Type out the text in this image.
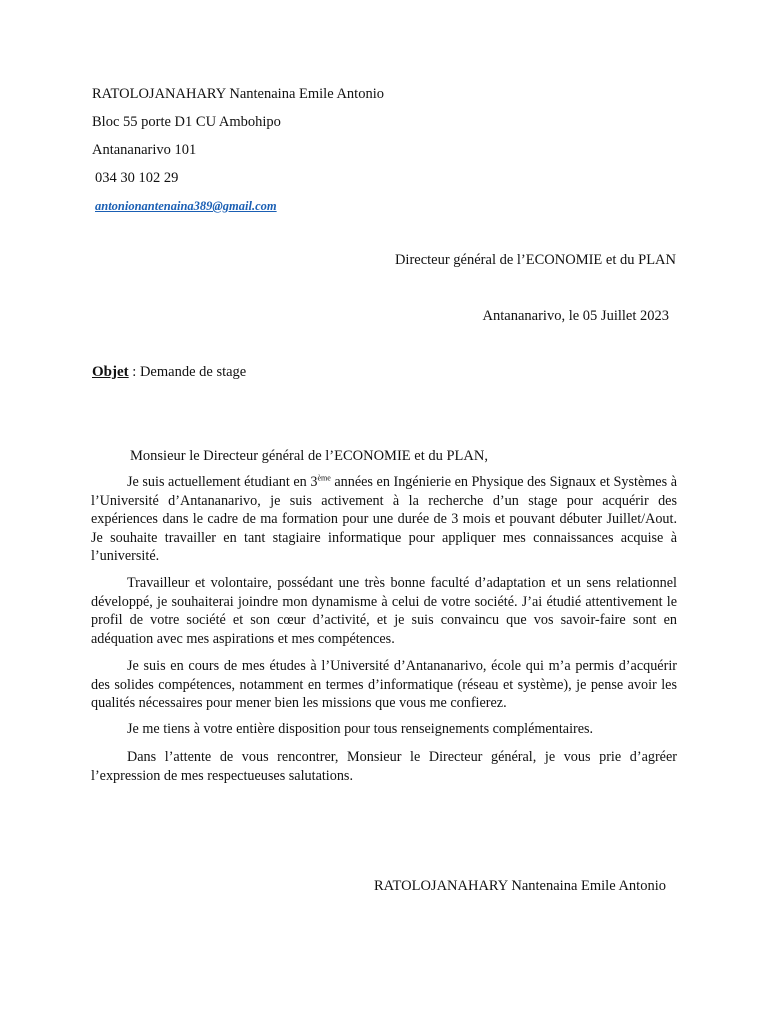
RATOLOJANAHARY Nantenaina Emile Antonio
Bloc 55 porte D1 CU Ambohipo
Antananarivo 101
034 30 102 29
antonionantenaina389@gmail.com
Directeur général de l’ECONOMIE et du PLAN
Antananarivo, le 05 Juillet 2023
Objet : Demande de stage
Monsieur le Directeur général de l’ECONOMIE et du PLAN,

Je suis actuellement étudiant en 3ème années en Ingénierie en Physique des Signaux et Systèmes à l’Université d’Antananarivo, je suis activement à la recherche d’un stage pour acquérir des expériences dans le cadre de ma formation pour une durée de 3 mois et pouvant débuter Juillet/Aout. Je souhaite travailler en tant stagiaire informatique pour appliquer mes connaissances acquise à l’université.

Travailleur et volontaire, possédant une très bonne faculté d’adaptation et un sens relationnel développé, je souhaiterai joindre mon dynamisme à celui de votre société. J’ai étudié attentivement le profil de votre société et son cœur d’activité, et je suis convaincu que vos savoir-faire sont en adéquation avec mes aspirations et mes compétences.

Je suis en cours de mes études à l’Université d’Antananarivo, école qui m’a permis d’acquérir des solides compétences, notamment en termes d’informatique (réseau et système), je pense avoir les qualités nécessaires pour mener bien les missions que vous me confierez.

Je me tiens à votre entière disposition pour tous renseignements complémentaires.

Dans l’attente de vous rencontrer, Monsieur le Directeur général, je vous prie d’agréer l’expression de mes respectueuses salutations.

RATOLOJANAHARY Nantenaina Emile Antonio
